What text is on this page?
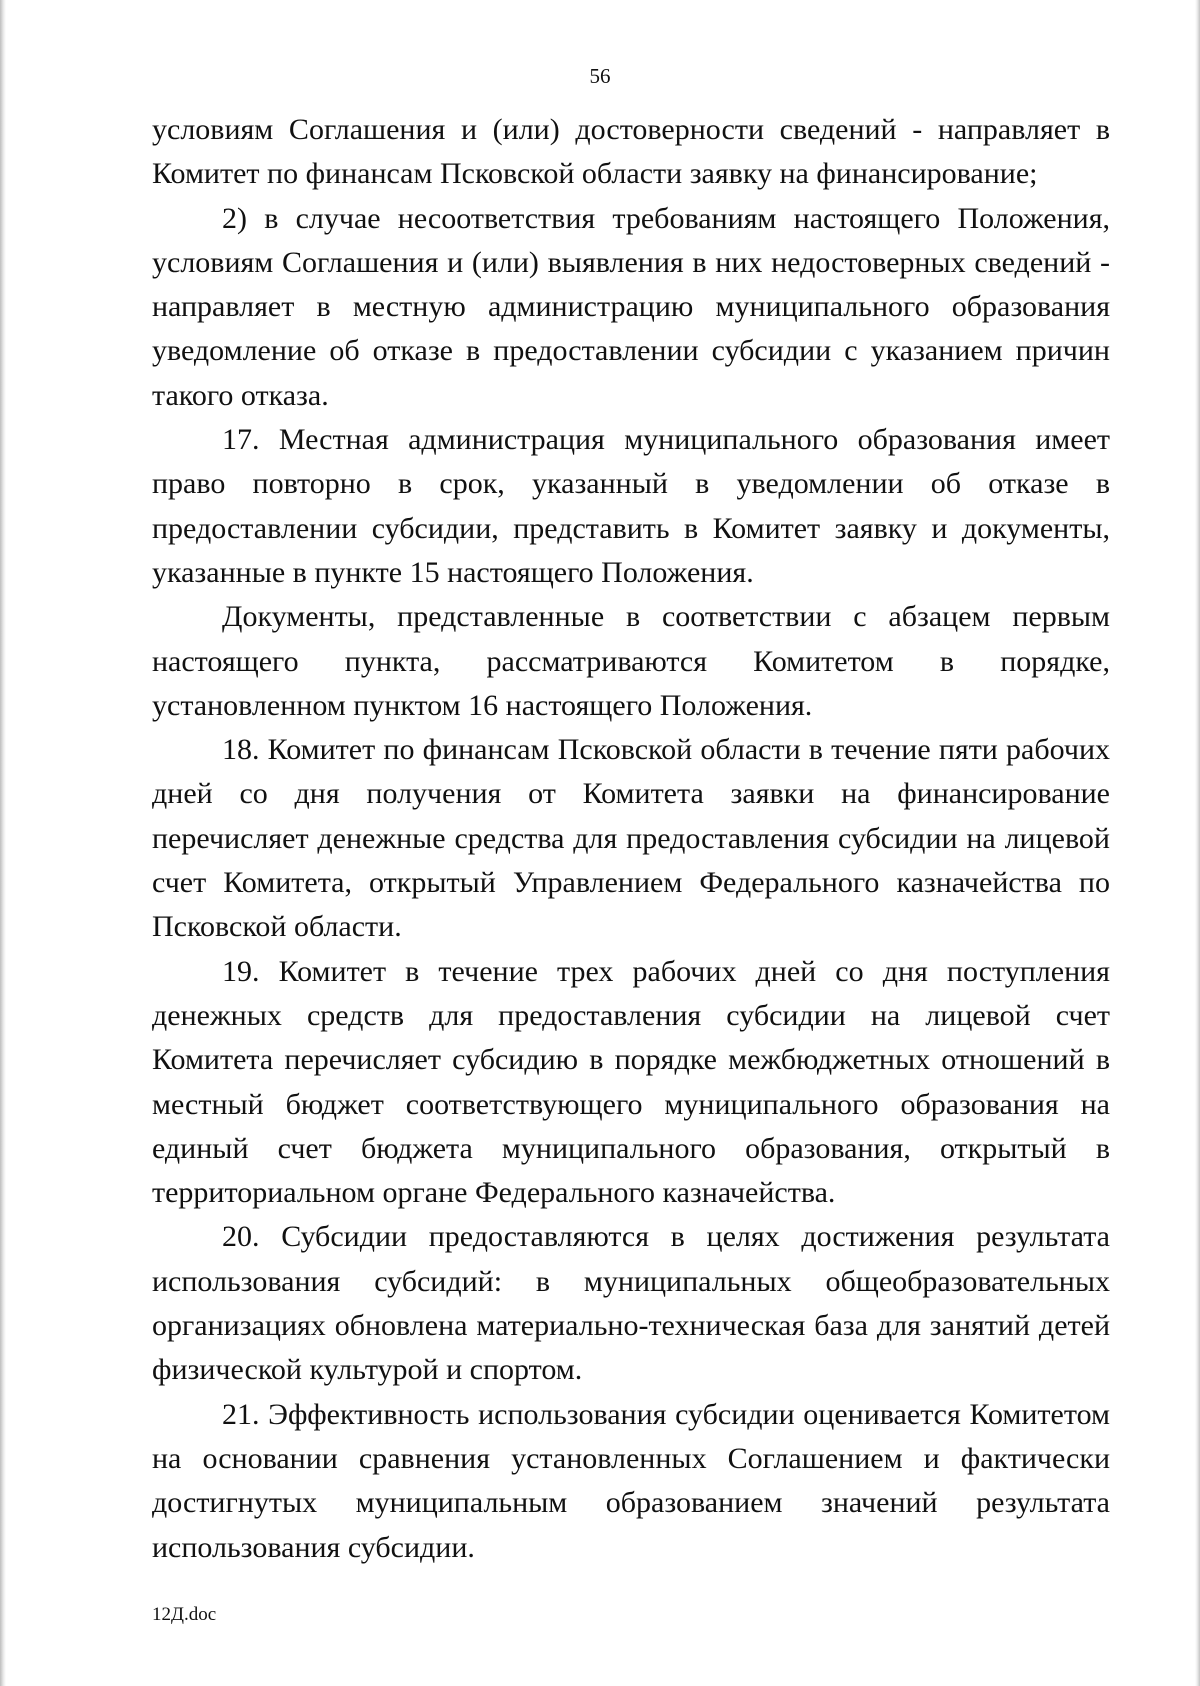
56

условиям Соглашения и (или) достоверности сведений - направляет в Комитет по финансам Псковской области заявку на финансирование;

2) в случае несоответствия требованиям настоящего Положения, условиям Соглашения и (или) выявления в них недостоверных сведений - направляет в местную администрацию муниципального образования уведомление об отказе в предоставлении субсидии с указанием причин такого отказа.

17. Местная администрация муниципального образования имеет право повторно в срок, указанный в уведомлении об отказе в предоставлении субсидии, представить в Комитет заявку и документы, указанные в пункте 15 настоящего Положения.

Документы, представленные в соответствии с абзацем первым настоящего пункта, рассматриваются Комитетом в порядке, установленном пунктом 16 настоящего Положения.

18. Комитет по финансам Псковской области в течение пяти рабочих дней со дня получения от Комитета заявки на финансирование перечисляет денежные средства для предоставления субсидии на лицевой счет Комитета, открытый Управлением Федерального казначейства по Псковской области.

19. Комитет в течение трех рабочих дней со дня поступления денежных средств для предоставления субсидии на лицевой счет Комитета перечисляет субсидию в порядке межбюджетных отношений в местный бюджет соответствующего муниципального образования на единый счет бюджета муниципального образования, открытый в территориальном органе Федерального казначейства.

20. Субсидии предоставляются в целях достижения результата использования субсидий: в муниципальных общеобразовательных организациях обновлена материально-техническая база для занятий детей физической культурой и спортом.

21. Эффективность использования субсидии оценивается Комитетом на основании сравнения установленных Соглашением и фактически достигнутых муниципальным образованием значений результата использования субсидии.

12Д.doc
